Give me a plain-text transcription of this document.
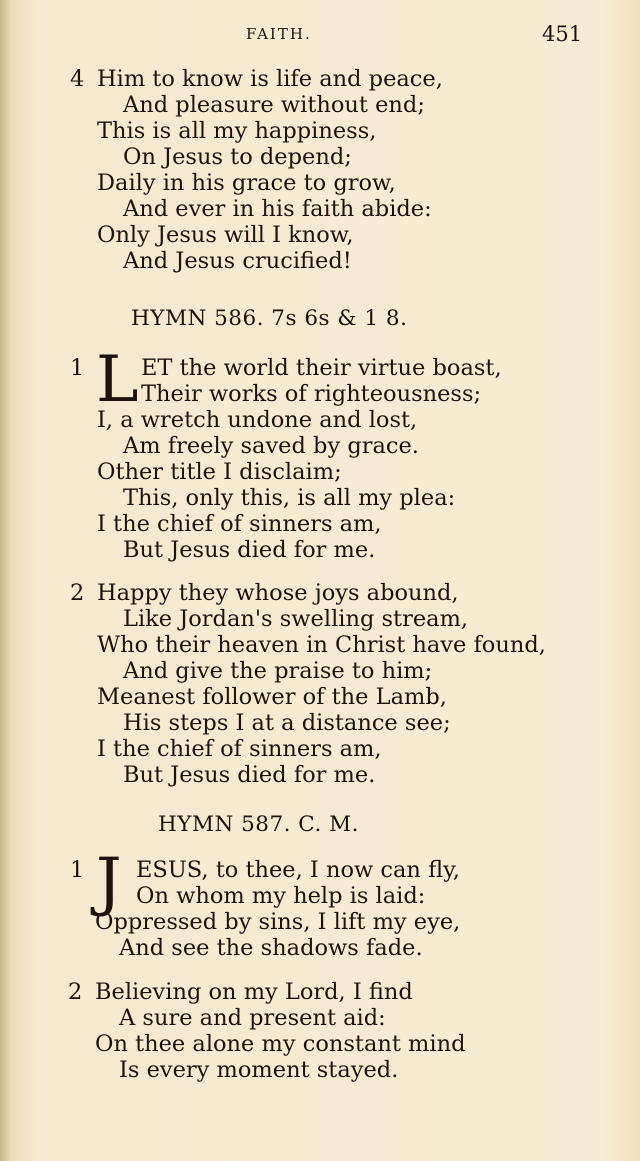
FAITH.	451
4 Him to know is life and peace,
And pleasure without end;
This is all my happiness,
On Jesus to depend;
Daily in his grace to grow,
And ever in his faith abide:
Only Jesus will I know,
And Jesus crucified!
HYMN 586. 7s 6s & 1 8.
1 L ET the world their virtue boast,
Their works of righteousness;
I, a wretch undone and lost,
Am freely saved by grace.
Other title I disclaim;
This, only this, is all my plea:
I the chief of sinners am,
But Jesus died for me.
2 Happy they whose joys abound,
Like Jordan's swelling stream,
Who their heaven in Christ have found,
And give the praise to him;
Meanest follower of the Lamb,
His steps I at a distance see;
I the chief of sinners am,
But Jesus died for me.
HYMN 587. C. M.
1 J ESUS, to thee, I now can fly,
On whom my help is laid:
Oppressed by sins, I lift my eye,
And see the shadows fade.
2 Believing on my Lord, I find
A sure and present aid:
On thee alone my constant mind
Is every moment stayed.
